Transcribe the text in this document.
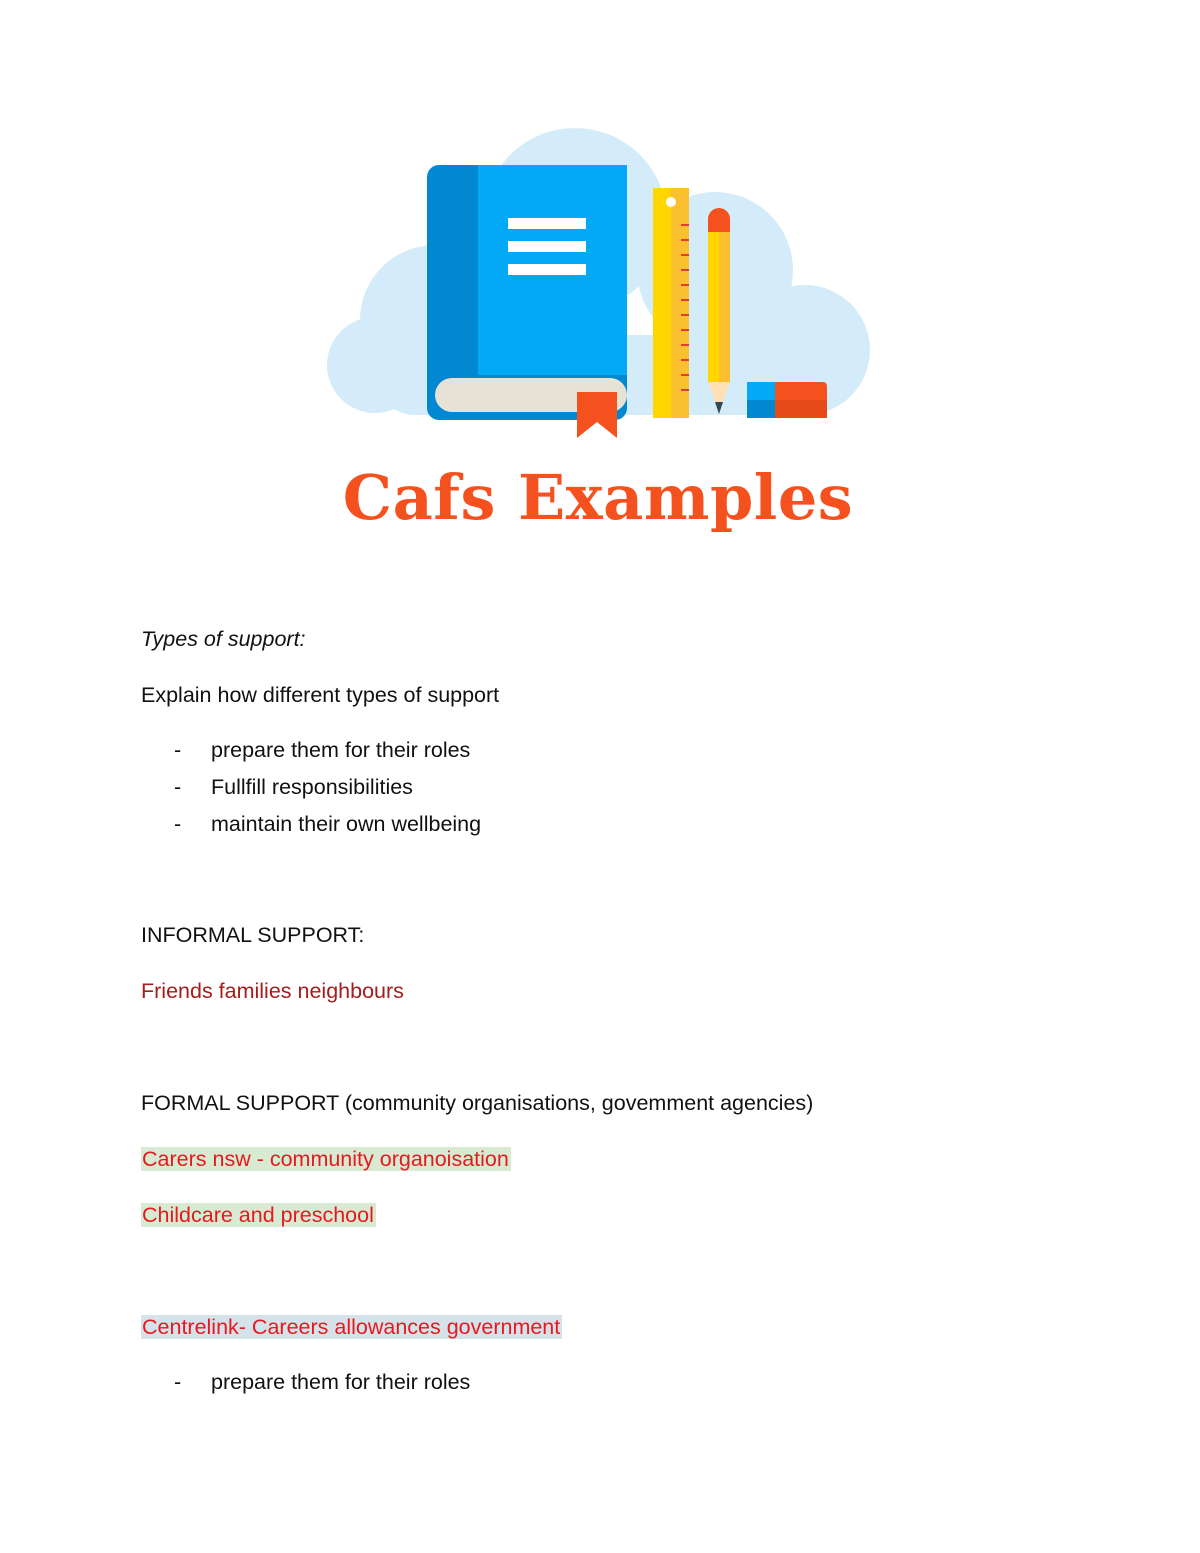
Cafs Examples
Types of support:
Explain how different types of support
- prepare them for their roles
- Fullfill responsibilities
- maintain their own wellbeing
INFORMAL SUPPORT:
Friends families neighbours
FORMAL SUPPORT (community organisations, govemment agencies)
Carers nsw - community organoisation
Childcare and preschool
Centrelink- Careers allowances government
- prepare them for their roles
